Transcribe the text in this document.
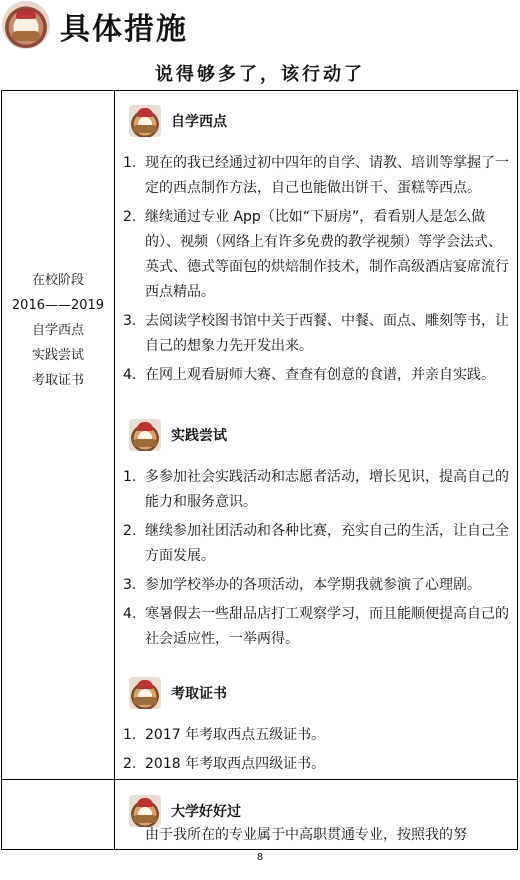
具体措施
说得够多了，该行动了
在校阶段
2016——2019
自学西点
实践尝试
考取证书
自学西点
1. 现在的我已经通过初中四年的自学、请教、培训等掌握了一定的西点制作方法，自己也能做出饼干、蛋糕等西点。
2. 继续通过专业 App（比如“下厨房”，看看别人是怎么做的）、视频（网络上有许多免费的教学视频）等学会法式、英式、德式等面包的烘焙制作技术，制作高级酒店宴席流行西点精品。
3. 去阅读学校图书馆中关于西餐、中餐、面点、雕刻等书，让自己的想象力先开发出来。
4. 在网上观看厨师大赛、查查有创意的食谱，并亲自实践。
实践尝试
1. 多参加社会实践活动和志愿者活动，增长见识，提高自己的能力和服务意识。
2. 继续参加社团活动和各种比赛，充实自己的生活，让自己全方面发展。
3. 参加学校举办的各项活动，本学期我就参演了心理剧。
4. 寒暑假去一些甜品店打工观察学习，而且能顺便提高自己的社会适应性，一举两得。
考取证书
1. 2017 年考取西点五级证书。
2. 2018 年考取西点四级证书。
大学好好过
由于我所在的专业属于中高职贯通专业，按照我的努
8
